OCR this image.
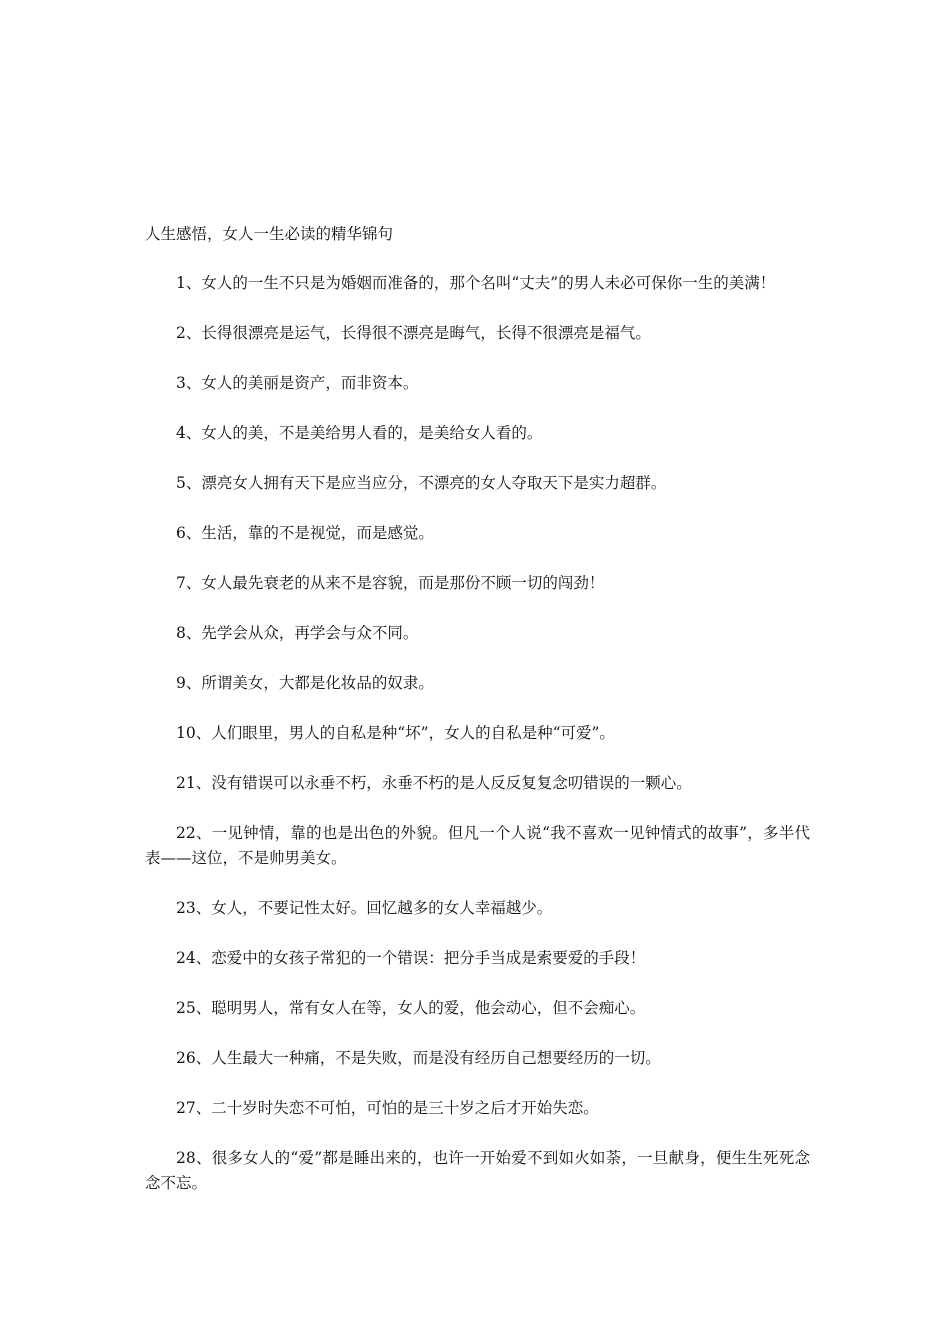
人生感悟，女人一生必读的精华锦句

1、女人的一生不只是为婚姻而准备的，那个名叫“丈夫”的男人未必可保你一生的美满！

2、长得很漂亮是运气，长得很不漂亮是晦气，长得不很漂亮是福气。

3、女人的美丽是资产，而非资本。

4、女人的美，不是美给男人看的，是美给女人看的。

5、漂亮女人拥有天下是应当应分，不漂亮的女人夺取天下是实力超群。

6、生活，靠的不是视觉，而是感觉。

7、女人最先衰老的从来不是容貌，而是那份不顾一切的闯劲！

8、先学会从众，再学会与众不同。

9、所谓美女，大都是化妆品的奴隶。

10、人们眼里，男人的自私是种“坏”，女人的自私是种“可爱”。

21、没有错误可以永垂不朽，永垂不朽的是人反反复复念叨错误的一颗心。

22、一见钟情，靠的也是出色的外貌。但凡一个人说“我不喜欢一见钟情式的故事”，多半代表——这位，不是帅男美女。

23、女人，不要记性太好。回忆越多的女人幸福越少。

24、恋爱中的女孩子常犯的一个错误：把分手当成是索要爱的手段！

25、聪明男人，常有女人在等，女人的爱，他会动心，但不会痴心。

26、人生最大一种痛，不是失败，而是没有经历自己想要经历的一切。

27、二十岁时失恋不可怕，可怕的是三十岁之后才开始失恋。

28、很多女人的“爱”都是睡出来的，也许一开始爱不到如火如荼，一旦献身，便生生死死念念不忘。
